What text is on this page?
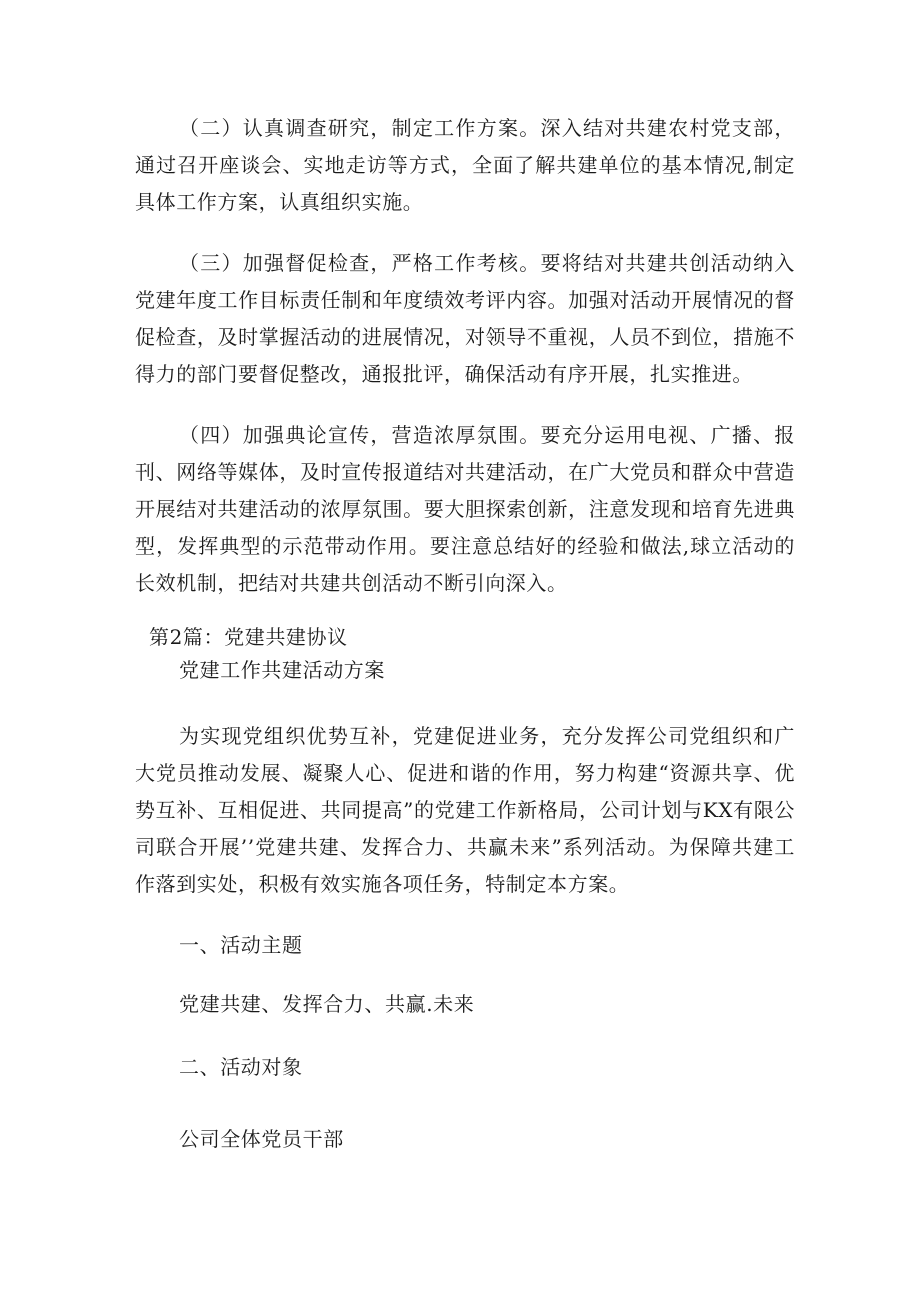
（二）认真调查研究，制定工作方案。深入结对共建农村党支部，通过召开座谈会、实地走访等方式，全面了解共建单位的基本情况,制定具体工作方案，认真组织实施。

（三）加强督促检查，严格工作考核。要将结对共建共创活动纳入党建年度工作目标责任制和年度绩效考评内容。加强对活动开展情况的督促检查，及时掌握活动的进展情况，对领导不重视，人员不到位，措施不得力的部门要督促整改，通报批评，确保活动有序开展，扎实推进。

（四）加强典论宣传，营造浓厚氛围。要充分运用电视、广播、报刊、网络等媒体，及时宣传报道结对共建活动，在广大党员和群众中营造开展结对共建活动的浓厚氛围。要大胆探索创新，注意发现和培育先进典型，发挥典型的示范带动作用。要注意总结好的经验和做法,球立活动的长效机制，把结对共建共创活动不断引向深入。

第2篇：党建共建协议
党建工作共建活动方案

为实现党组织优势互补，党建促进业务，充分发挥公司党组织和广大党员推动发展、凝聚人心、促进和谐的作用，努力构建“资源共享、优势互补、互相促进、共同提高”的党建工作新格局，公司计划与KX有限公司联合开展’’党建共建、发挥合力、共赢未来”系列活动。为保障共建工作落到实处，积极有效实施各项任务，特制定本方案。

一、活动主题
党建共建、发挥合力、共赢.未来
二、活动对象
公司全体党员干部
